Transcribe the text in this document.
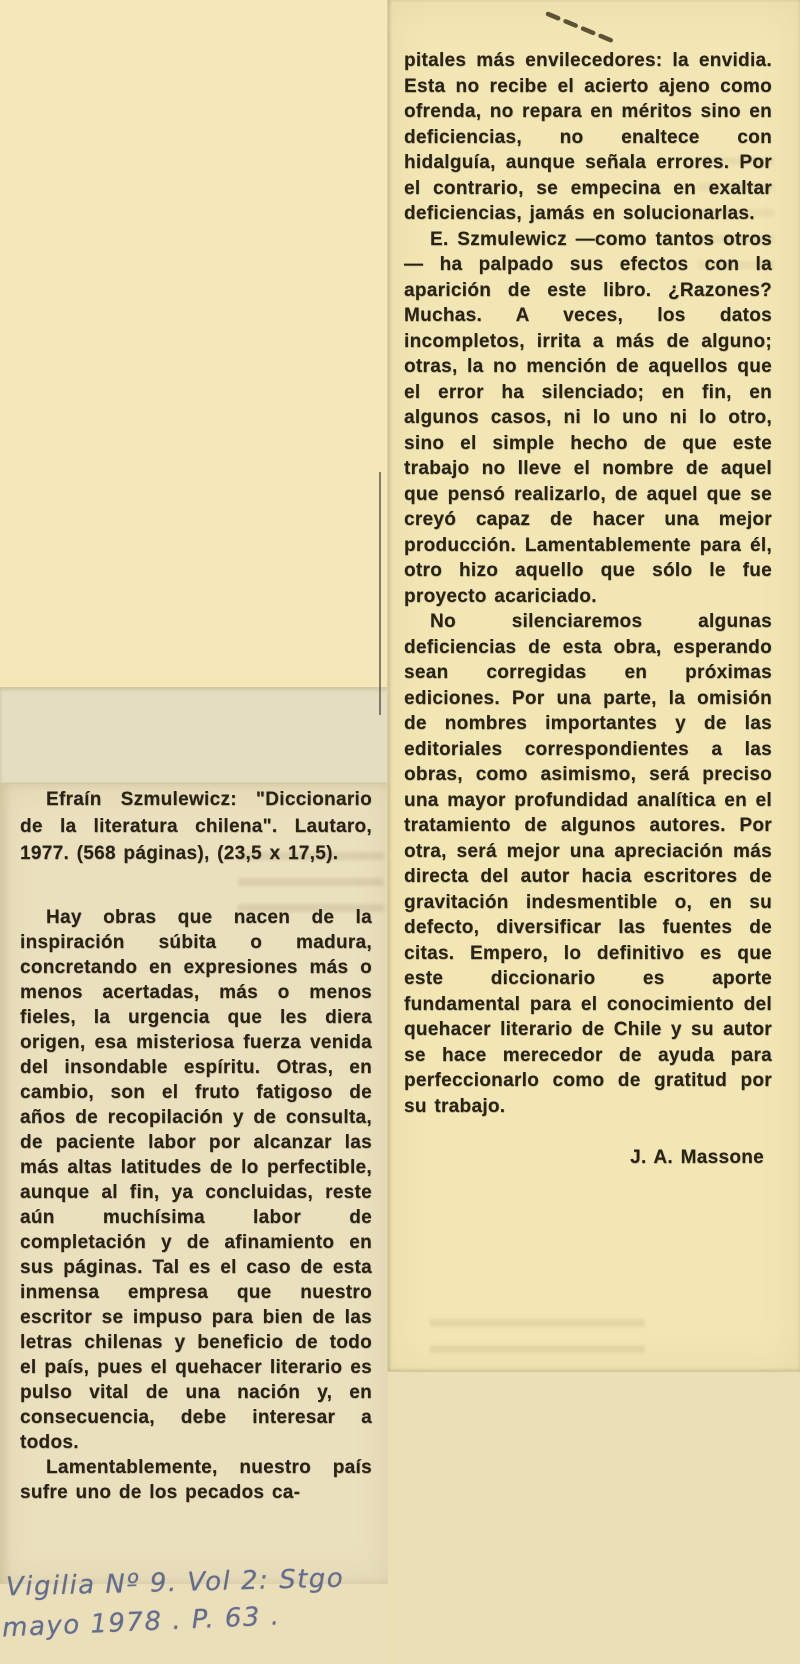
Efraín Szmulewicz: "Diccionario de la literatura chilena". Lautaro, 1977. (568 páginas), (23,5 x 17,5).

Hay obras que nacen de la inspiración súbita o madura, concretando en expresiones más o menos acertadas, más o menos fieles, la urgencia que les diera origen, esa misteriosa fuerza venida del insondable espíritu. Otras, en cambio, son el fruto fatigoso de años de recopilación y de consulta, de paciente labor por alcanzar las más altas latitudes de lo perfectible, aunque al fin, ya concluidas, reste aún muchísima labor de completación y de afinamiento en sus páginas. Tal es el caso de esta inmensa empresa que nuestro escritor se impuso para bien de las letras chilenas y beneficio de todo el país, pues el quehacer literario es pulso vital de una nación y, en consecuencia, debe interesar a todos.

Lamentablemente, nuestro país sufre uno de los pecados ca-

pitales más envilecedores: la envidia. Esta no recibe el acierto ajeno como ofrenda, no repara en méritos sino en deficiencias, no enaltece con hidalguía, aunque señala errores. Por el contrario, se empecina en exaltar deficiencias, jamás en solucionarlas.

E. Szmulewicz —como tantos otros— ha palpado sus efectos con la aparición de este libro. ¿Razones? Muchas. A veces, los datos incompletos, irrita a más de alguno; otras, la no mención de aquellos que el error ha silenciado; en fin, en algunos casos, ni lo uno ni lo otro, sino el simple hecho de que este trabajo no lleve el nombre de aquel que pensó realizarlo, de aquel que se creyó capaz de hacer una mejor producción. Lamentablemente para él, otro hizo aquello que sólo le fue proyecto acariciado.

No silenciaremos algunas deficiencias de esta obra, esperando sean corregidas en próximas ediciones. Por una parte, la omisión de nombres importantes y de las editoriales correspondientes a las obras, como asimismo, será preciso una mayor profundidad analítica en el tratamiento de algunos autores. Por otra, será mejor una apreciación más directa del autor hacia escritores de gravitación indesmentible o, en su defecto, diversificar las fuentes de citas. Empero, lo definitivo es que este diccionario es aporte fundamental para el conocimiento del quehacer literario de Chile y su autor se hace merecedor de ayuda para perfeccionarlo como de gratitud por su trabajo.

J. A. Massone

Vigilia Nº 9. Vol 2: Stgo
mayo 1978 . P. 63 .
